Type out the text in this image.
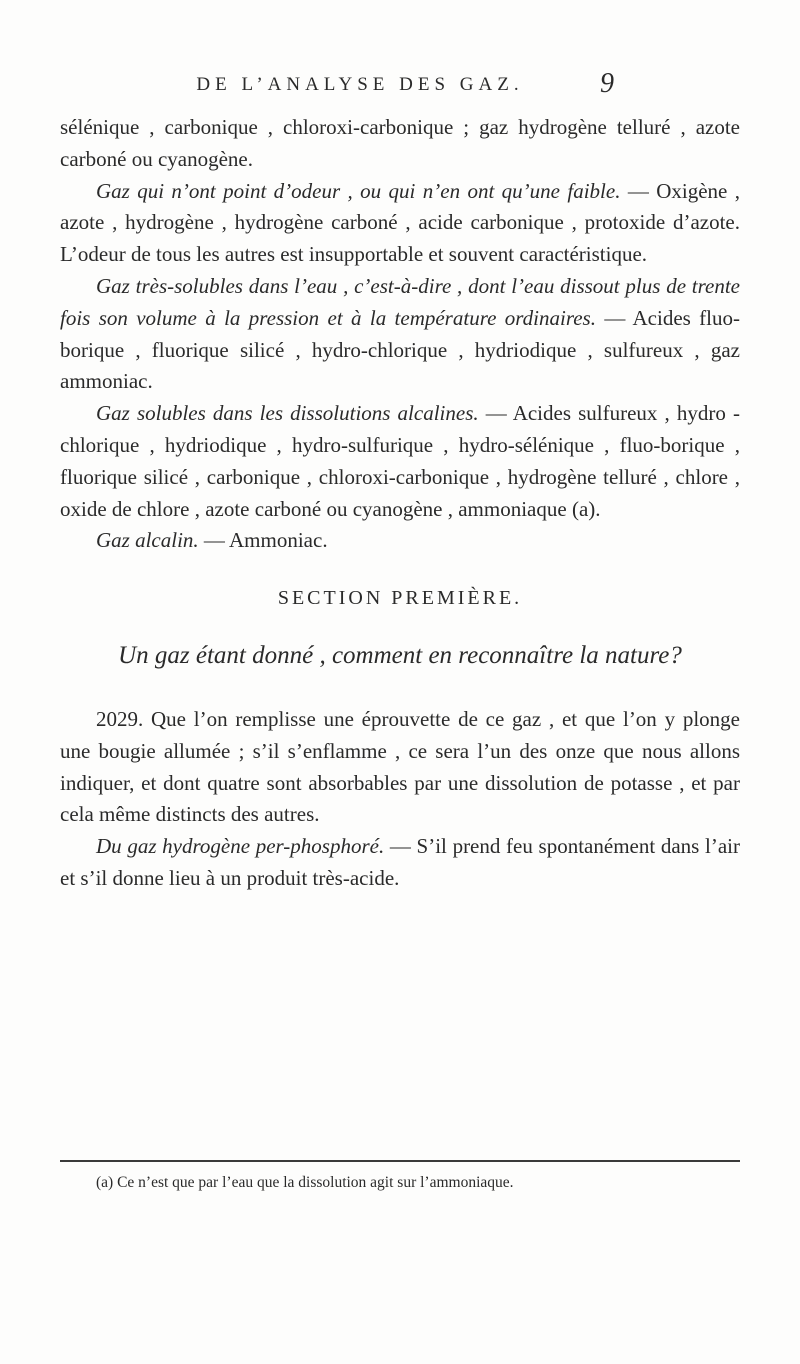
DE L’ANALYSE DES GAZ.	9

sélénique , carbonique , chloroxi-carbonique ; gaz hydrogène telluré , azote carboné ou cyanogène.

Gaz qui n’ont point d’odeur , ou qui n’en ont qu’une faible. — Oxigène , azote , hydrogène , hydrogène carboné , acide carbonique , protoxide d’azote. L’odeur de tous les autres est insupportable et souvent caractéristique.

Gaz très-solubles dans l’eau , c’est-à-dire , dont l’eau dissout plus de trente fois son volume à la pression et à la température ordinaires. — Acides fluo-borique , fluorique silicé , hydro-chlorique , hydriodique , sulfureux , gaz ammoniac.

Gaz solubles dans les dissolutions alcalines. — Acides sulfureux , hydro - chlorique , hydriodique , hydro-sulfurique , hydro-sélénique , fluo-borique , fluorique silicé , carbonique , chloroxi-carbonique , hydrogène telluré , chlore , oxide de chlore , azote carboné ou cyanogène , ammoniaque (a).

Gaz alcalin. — Ammoniac.

SECTION PREMIÈRE.

Un gaz étant donné , comment en reconnaître la nature?

2029. Que l’on remplisse une éprouvette de ce gaz , et que l’on y plonge une bougie allumée ; s’il s’enflamme , ce sera l’un des onze que nous allons indiquer, et dont quatre sont absorbables par une dissolution de potasse , et par cela même distincts des autres.

Du gaz hydrogène per-phosphoré. — S’il prend feu spontanément dans l’air et s’il donne lieu à un produit très-acide.

(a) Ce n’est que par l’eau que la dissolution agit sur l’ammoniaque.
